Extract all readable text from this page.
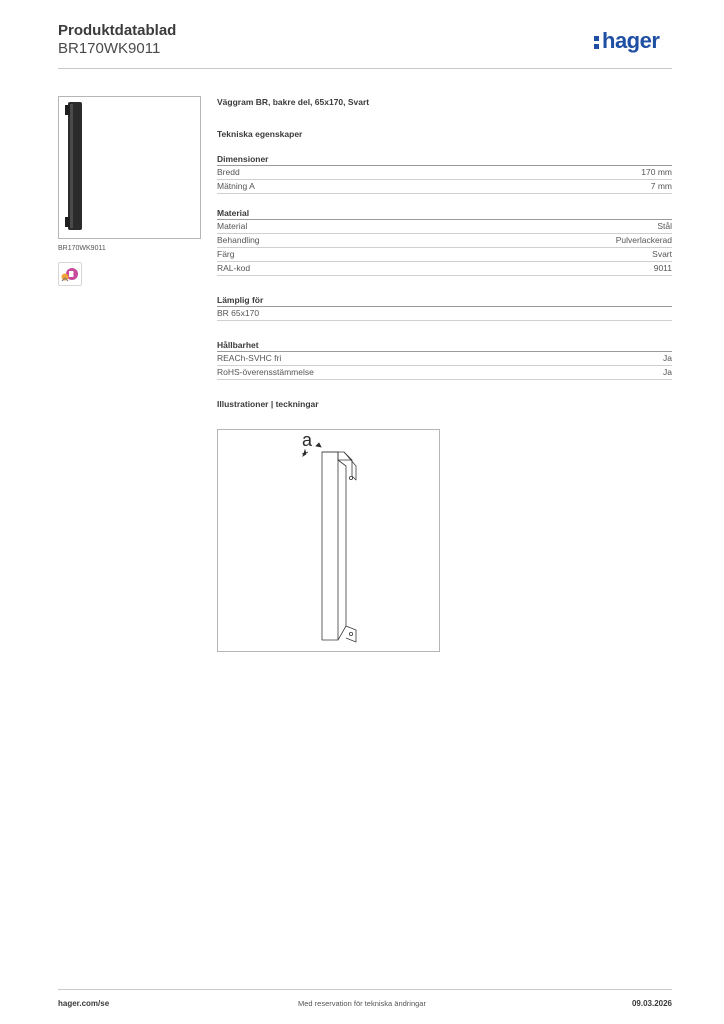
Produktdatablad
BR170WK9011	hager
BR170WK9011
Väggram BR, bakre del, 65x170, Svart
Tekniska egenskaper
Dimensioner
Bredd	170 mm
Mätning A	7 mm
Material
Material	Stål
Behandling	Pulverlackerad
Färg	Svart
RAL-kod	9011
Lämplig för
BR 65x170
Hållbarhet
REACh-SVHC fri	Ja
RoHS-överensstämmelse	Ja
Illustrationer | teckningar
a
hager.com/se	Med reservation för tekniska ändringar	09.03.2026
